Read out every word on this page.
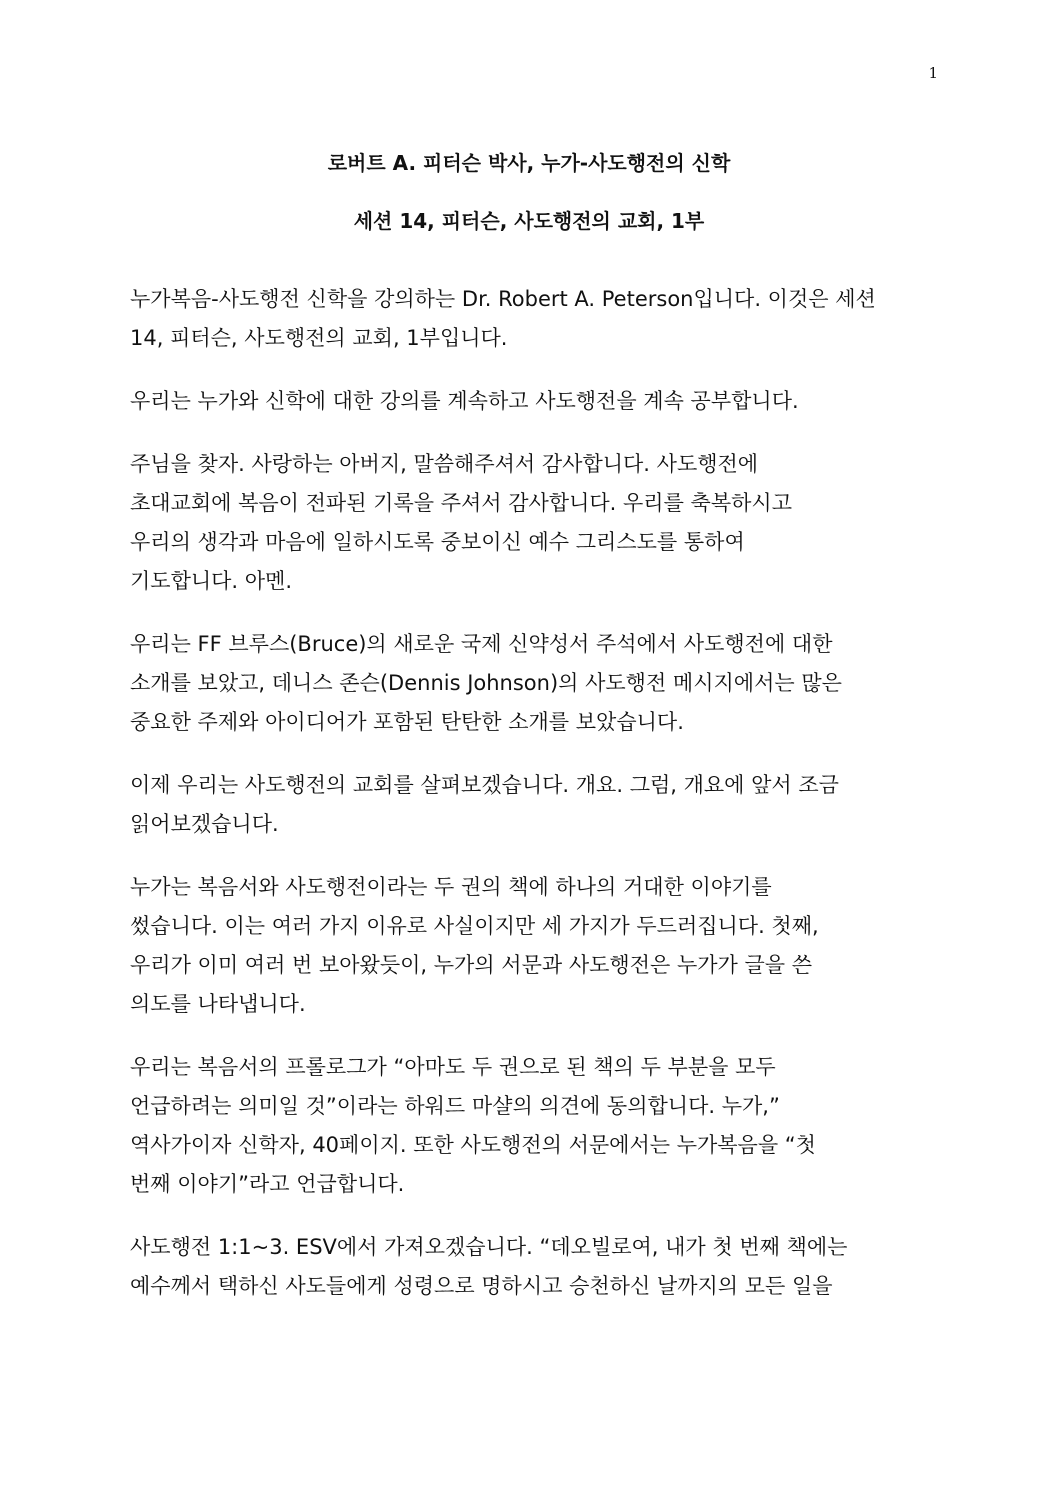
1
로버트 A. 피터슨 박사, 누가-사도행전의 신학
세션 14, 피터슨, 사도행전의 교회, 1부
누가복음-사도행전 신학을 강의하는 Dr. Robert A. Peterson입니다. 이것은 세션
14, 피터슨, 사도행전의 교회, 1부입니다.
우리는 누가와 신학에 대한 강의를 계속하고 사도행전을 계속 공부합니다.
주님을 찾자. 사랑하는 아버지, 말씀해주셔서 감사합니다. 사도행전에
초대교회에 복음이 전파된 기록을 주셔서 감사합니다. 우리를 축복하시고
우리의 생각과 마음에 일하시도록 중보이신 예수 그리스도를 통하여
기도합니다. 아멘.
우리는 FF 브루스(Bruce)의 새로운 국제 신약성서 주석에서 사도행전에 대한
소개를 보았고, 데니스 존슨(Dennis Johnson)의 사도행전 메시지에서는 많은
중요한 주제와 아이디어가 포함된 탄탄한 소개를 보았습니다.
이제 우리는 사도행전의 교회를 살펴보겠습니다. 개요. 그럼, 개요에 앞서 조금
읽어보겠습니다.
누가는 복음서와 사도행전이라는 두 권의 책에 하나의 거대한 이야기를
썼습니다. 이는 여러 가지 이유로 사실이지만 세 가지가 두드러집니다. 첫째,
우리가 이미 여러 번 보아왔듯이, 누가의 서문과 사도행전은 누가가 글을 쓴
의도를 나타냅니다.
우리는 복음서의 프롤로그가 “아마도 두 권으로 된 책의 두 부분을 모두
언급하려는 의미일 것”이라는 하워드 마샬의 의견에 동의합니다. 누가,”
역사가이자 신학자, 40페이지. 또한 사도행전의 서문에서는 누가복음을 “첫
번째 이야기”라고 언급합니다.
사도행전 1:1~3. ESV에서 가져오겠습니다. “데오빌로여, 내가 첫 번째 책에는
예수께서 택하신 사도들에게 성령으로 명하시고 승천하신 날까지의 모든 일을
